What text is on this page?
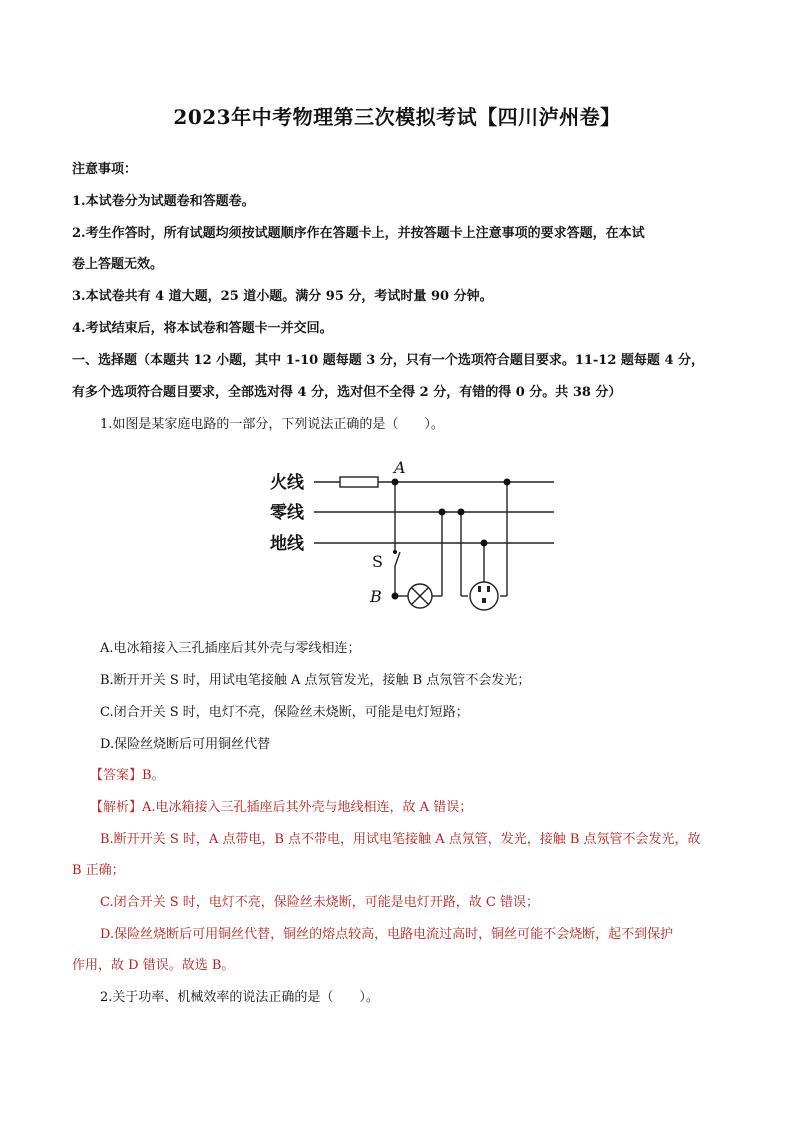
2023年中考物理第三次模拟考试【四川泸州卷】
注意事项：
1.本试卷分为试题卷和答题卷。
2.考生作答时，所有试题均须按试题顺序作在答题卡上，并按答题卡上注意事项的要求答题，在本试
卷上答题无效。
3.本试卷共有 4 道大题，25 道小题。满分 95 分，考试时量 90 分钟。
4.考试结束后，将本试卷和答题卡一并交回。
一、选择题（本题共 12 小题，其中 1-10 题每题 3 分，只有一个选项符合题目要求。11-12 题每题 4 分，
有多个选项符合题目要求，全部选对得 4 分，选对但不全得 2 分，有错的得 0 分。共 38 分）
1.如图是某家庭电路的一部分，下列说法正确的是（　　）。
火线
零线
地线
A
S
B
A.电冰箱接入三孔插座后其外壳与零线相连；
B.断开开关 S 时，用试电笔接触 A 点氖管发光，接触 B 点氖管不会发光；
C.闭合开关 S 时，电灯不亮，保险丝未烧断，可能是电灯短路；
D.保险丝烧断后可用铜丝代替
【答案】B。
【解析】A.电冰箱接入三孔插座后其外壳与地线相连，故 A 错误；
B.断开开关 S 时，A 点带电，B 点不带电，用试电笔接触 A 点氖管，发光，接触 B 点氖管不会发光，故
B 正确；
C.闭合开关 S 时，电灯不亮，保险丝未烧断，可能是电灯开路，故 C 错误；
D.保险丝烧断后可用铜丝代替，铜丝的熔点较高，电路电流过高时，铜丝可能不会烧断，起不到保护
作用，故 D 错误。故选 B。
2.关于功率、机械效率的说法正确的是（　　）。
